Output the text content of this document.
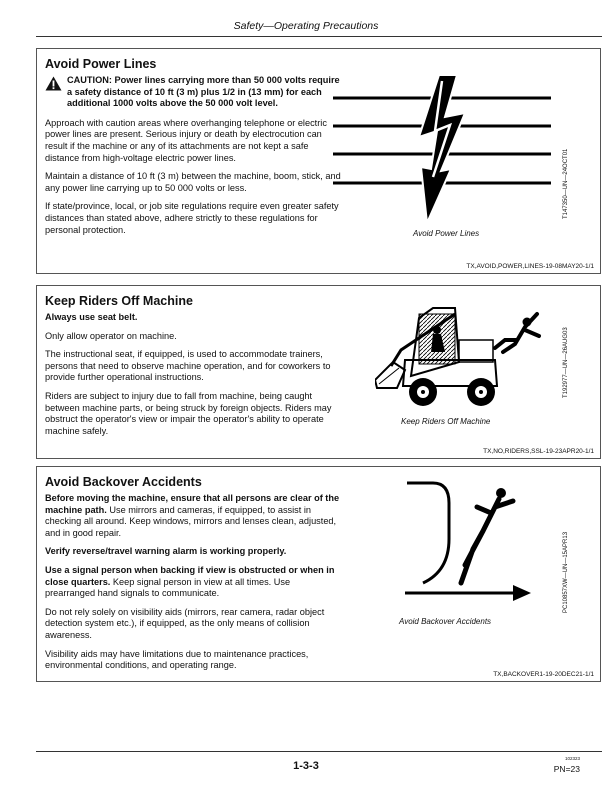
Safety—Operating Precautions
Avoid Power Lines

CAUTION: Power lines carrying more than 50 000 volts require a safety distance of 10 ft (3 m) plus 1/2 in (13 mm) for each additional 1000 volts above the 50 000 volt level.

Approach with caution areas where overhanging telephone or electric power lines are present. Serious injury or death by electrocution can result if the machine or any of its attachments are not kept a safe distance from high-voltage electric power lines.

Maintain a distance of 10 ft (3 m) between the machine, boom, stick, and any power line carrying up to 50 000 volts or less.

If state/province, local, or job site regulations require even greater safety distances than stated above, adhere strictly to these regulations for personal protection.	Avoid Power Lines
T147350—UN—24OCT01
TX,AVOID,POWER,LINES-19-08MAY20-1/1
Keep Riders Off Machine

Always use seat belt.

Only allow operator on machine.

The instructional seat, if equipped, is used to accommodate trainers, persons that need to observe machine operation, and for coworkers to provide further operational instructions.

Riders are subject to injury due to fall from machine, being caught between machine parts, or being struck by foreign objects. Riders may obstruct the operator's view or impair the operator's ability to operate machine safely.

Keep Riders Off Machine
T192977—UN—26AUG03
TX,NO,RIDERS,SSL-19-23APR20-1/1
Avoid Backover Accidents

Before moving the machine, ensure that all persons are clear of the machine path. Use mirrors and cameras, if equipped, to assist in checking all around. Keep windows, mirrors and lenses clean, adjusted, and in good repair.

Verify reverse/travel warning alarm is working properly.

Use a signal person when backing if view is obstructed or when in close quarters. Keep signal person in view at all times. Use prearranged hand signals to communicate.

Do not rely solely on visibility aids (mirrors, rear camera, radar object detection system etc.), if equipped, as the only means of collision awareness.

Visibility aids may have limitations due to maintenance practices, environmental conditions, and operating range.

Avoid Backover Accidents
PC10857XW—UN—15APR13
TX,BACKOVER1-19-20DEC21-1/1
1-3-3
102323
PN=23
